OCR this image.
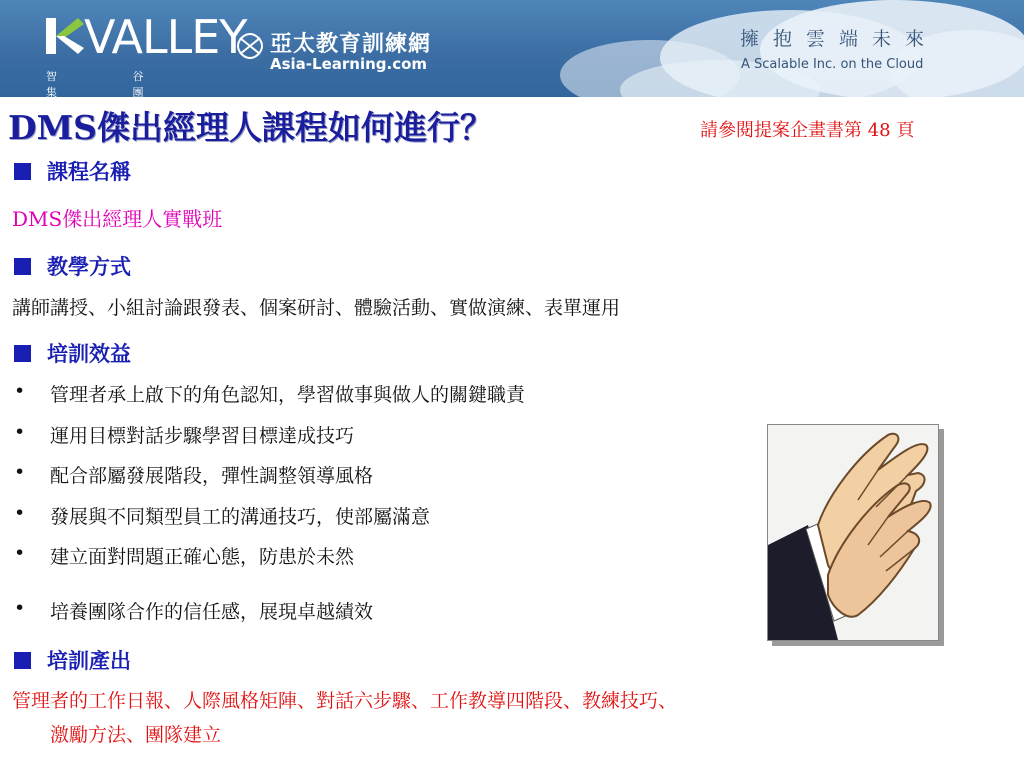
VALLEY
智 谷 集 團
亞太教育訓練網
Asia-Learning.com
擁抱雲端未來
A Scalable Inc. on the Cloud
DMS傑出經理人課程如何進行？	請參閱提案企畫書第 48 頁
課程名稱
DMS傑出經理人實戰班
教學方式
講師講授、小組討論跟發表、個案研討、體驗活動、實做演練、表單運用
培訓效益
•	管理者承上啟下的角色認知，學習做事與做人的關鍵職責
•	運用目標對話步驟學習目標達成技巧
•	配合部屬發展階段，彈性調整領導風格
•	發展與不同類型員工的溝通技巧，使部屬滿意
•	建立面對問題正確心態，防患於未然
•	培養團隊合作的信任感，展現卓越績效
培訓產出
管理者的工作日報、人際風格矩陣、對話六步驟、工作教導四階段、教練技巧、
激勵方法、團隊建立
